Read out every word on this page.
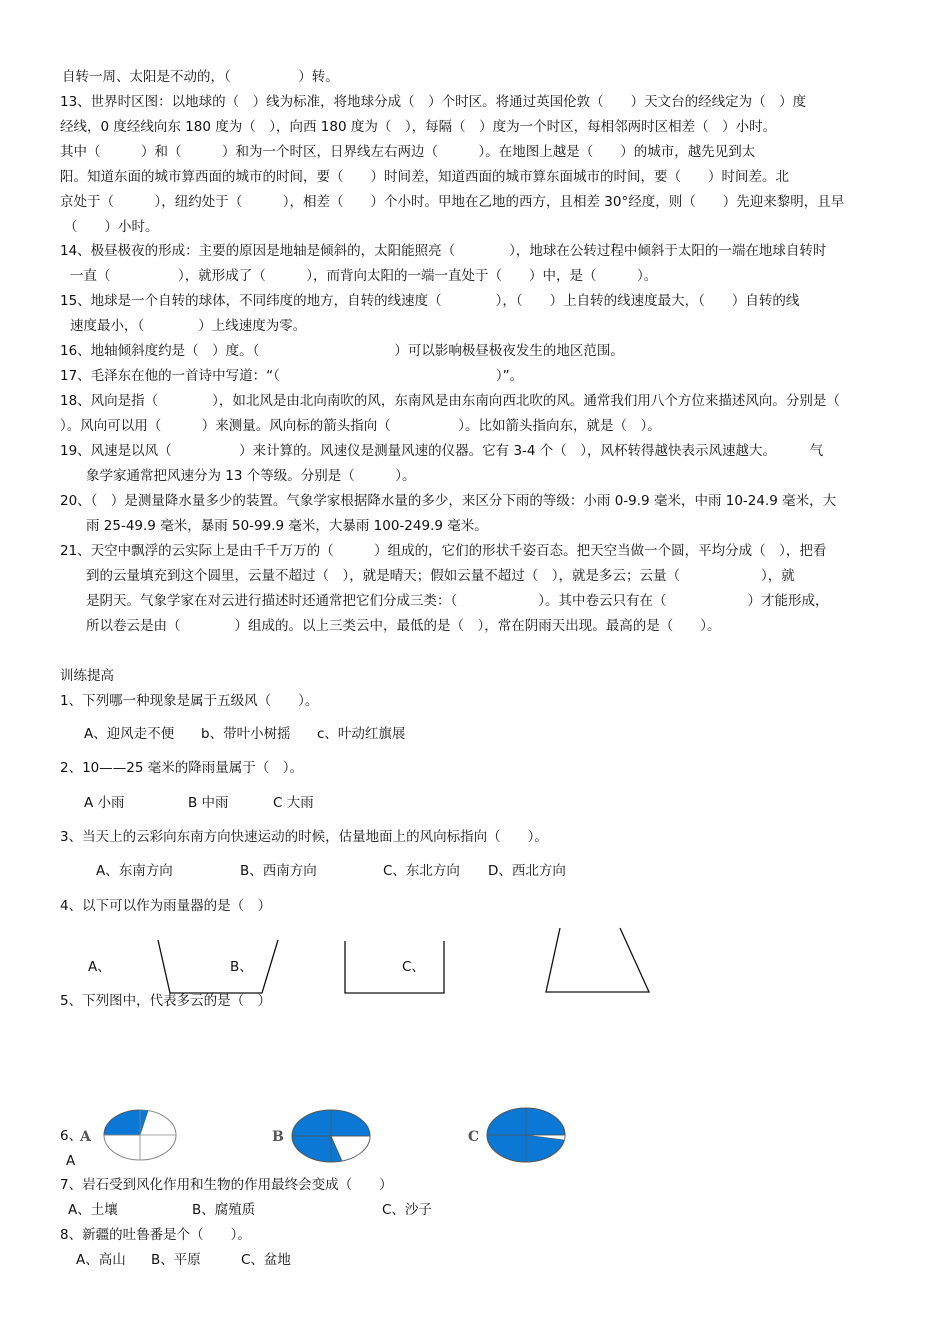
自转一周、太阳是不动的，（　　　　　）转。
13、世界时区图：以地球的（　）线为标准，将地球分成（　）个时区。将通过英国伦敦（　　）天文台的经线定为（　）度
经线，0 度经线向东 180 度为（　），向西 180 度为（　），每隔（　）度为一个时区，每相邻两时区相差（　）小时。
其中（　　　）和（　　　）和为一个时区，日界线左右两边（　　　）。在地图上越是（　　）的城市，越先见到太
阳。知道东面的城市算西面的城市的时间，要（　　）时间差，知道西面的城市算东面城市的时间，要（　　）时间差。北
京处于（　　　），纽约处于（　　　），相差（　　）个小时。甲地在乙地的西方，且相差 30°经度，则（　　）先迎来黎明，且早
（　　）小时。
14、极昼极夜的形成：主要的原因是地轴是倾斜的，太阳能照亮（　　　　），地球在公转过程中倾斜于太阳的一端在地球自转时
一直（　　　　　），就形成了（　　　），而背向太阳的一端一直处于（　　）中，是（　　　）。
15、地球是一个自转的球体，不同纬度的地方，自转的线速度（　　　　），（　　）上自转的线速度最大，（　　）自转的线
速度最小，（　　　　）上线速度为零。
16、地轴倾斜度约是（　）度。（　　　　　　　　　　）可以影响极昼极夜发生的地区范围。
17、毛泽东在他的一首诗中写道：“（　　　　　　　　　　　　　　　　）”。
18、风向是指（　　　　），如北风是由北向南吹的风，东南风是由东南向西北吹的风。通常我们用八个方位来描述风向。分别是（
）。风向可以用（　　　）来测量。风向标的箭头指向（　　　　　）。比如箭头指向东，就是（　）。
19、风速是以风（　　　　　）来计算的。风速仪是测量风速的仪器。它有 3-4 个（　），风杯转得越快表示风速越大。　　　气
象学家通常把风速分为 13 个等级。分别是（　　　）。
20、（　）是测量降水量多少的装置。气象学家根据降水量的多少，来区分下雨的等级：小雨 0-9.9 毫米，中雨 10-24.9 毫米，大
雨 25-49.9 毫米，暴雨 50-99.9 毫米，大暴雨 100-249.9 毫米。
21、天空中飘浮的云实际上是由千千万万的（　　　）组成的，它们的形状千姿百态。把天空当做一个圆，平均分成（　），把看
到的云量填充到这个圆里，云量不超过（　），就是晴天；假如云量不超过（　），就是多云；云量（　　　　　　），就
是阴天。气象学家在对云进行描述时还通常把它们分成三类：（　　　　　　）。其中卷云只有在（　　　　　　）才能形成，
所以卷云是由（　　　　）组成的。以上三类云中，最低的是（　），常在阴雨天出现。最高的是（　　）。
训练提高
1、下列哪一种现象是属于五级风（　　）。
A、迎风走不便 b、带叶小树摇 c、叶动红旗展
2、10——25 毫米的降雨量属于（　）。
A 小雨	B 中雨	C 大雨
3、当天上的云彩向东南方向快速运动的时候，估量地面上的风向标指向（　　）。
A、东南方向	B、西南方向	C、东北方向 D、西北方向
4、以下可以作为雨量器的是（　）
A、	B、	C、
5、下列图中，代表多云的是（　）
6、
A
A
B	C
7、岩石受到风化作用和生物的作用最终会变成（　　）
A、土壤	B、腐殖质	C、沙子
8、新疆的吐鲁番是个（　　）。
A、高山 B、平原	C、盆地
